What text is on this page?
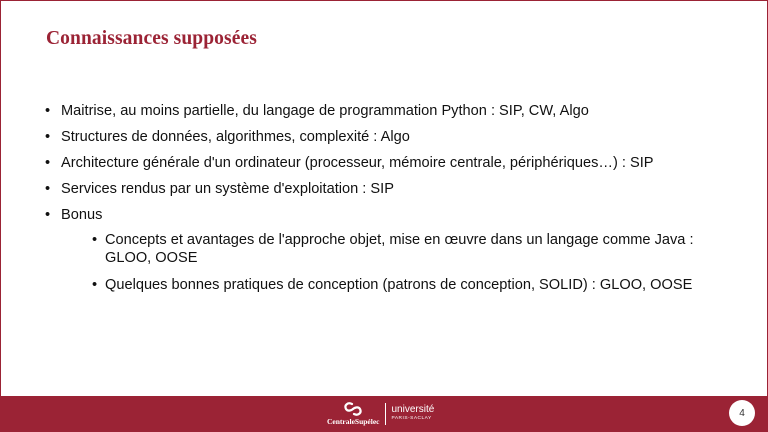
Connaissances supposées
• Maitrise, au moins partielle, du langage de programmation Python : SIP, CW, Algo
• Structures de données, algorithmes, complexité : Algo
• Architecture générale d'un ordinateur (processeur, mémoire centrale, périphériques…) : SIP
• Services rendus par un système d'exploitation : SIP
• Bonus
• Concepts et avantages de l'approche objet, mise en œuvre dans un langage comme Java : GLOO, OOSE
• Quelques bonnes pratiques de conception (patrons de conception, SOLID) : GLOO, OOSE
CentraleSupélec
université
PARIS-SACLAY
4
